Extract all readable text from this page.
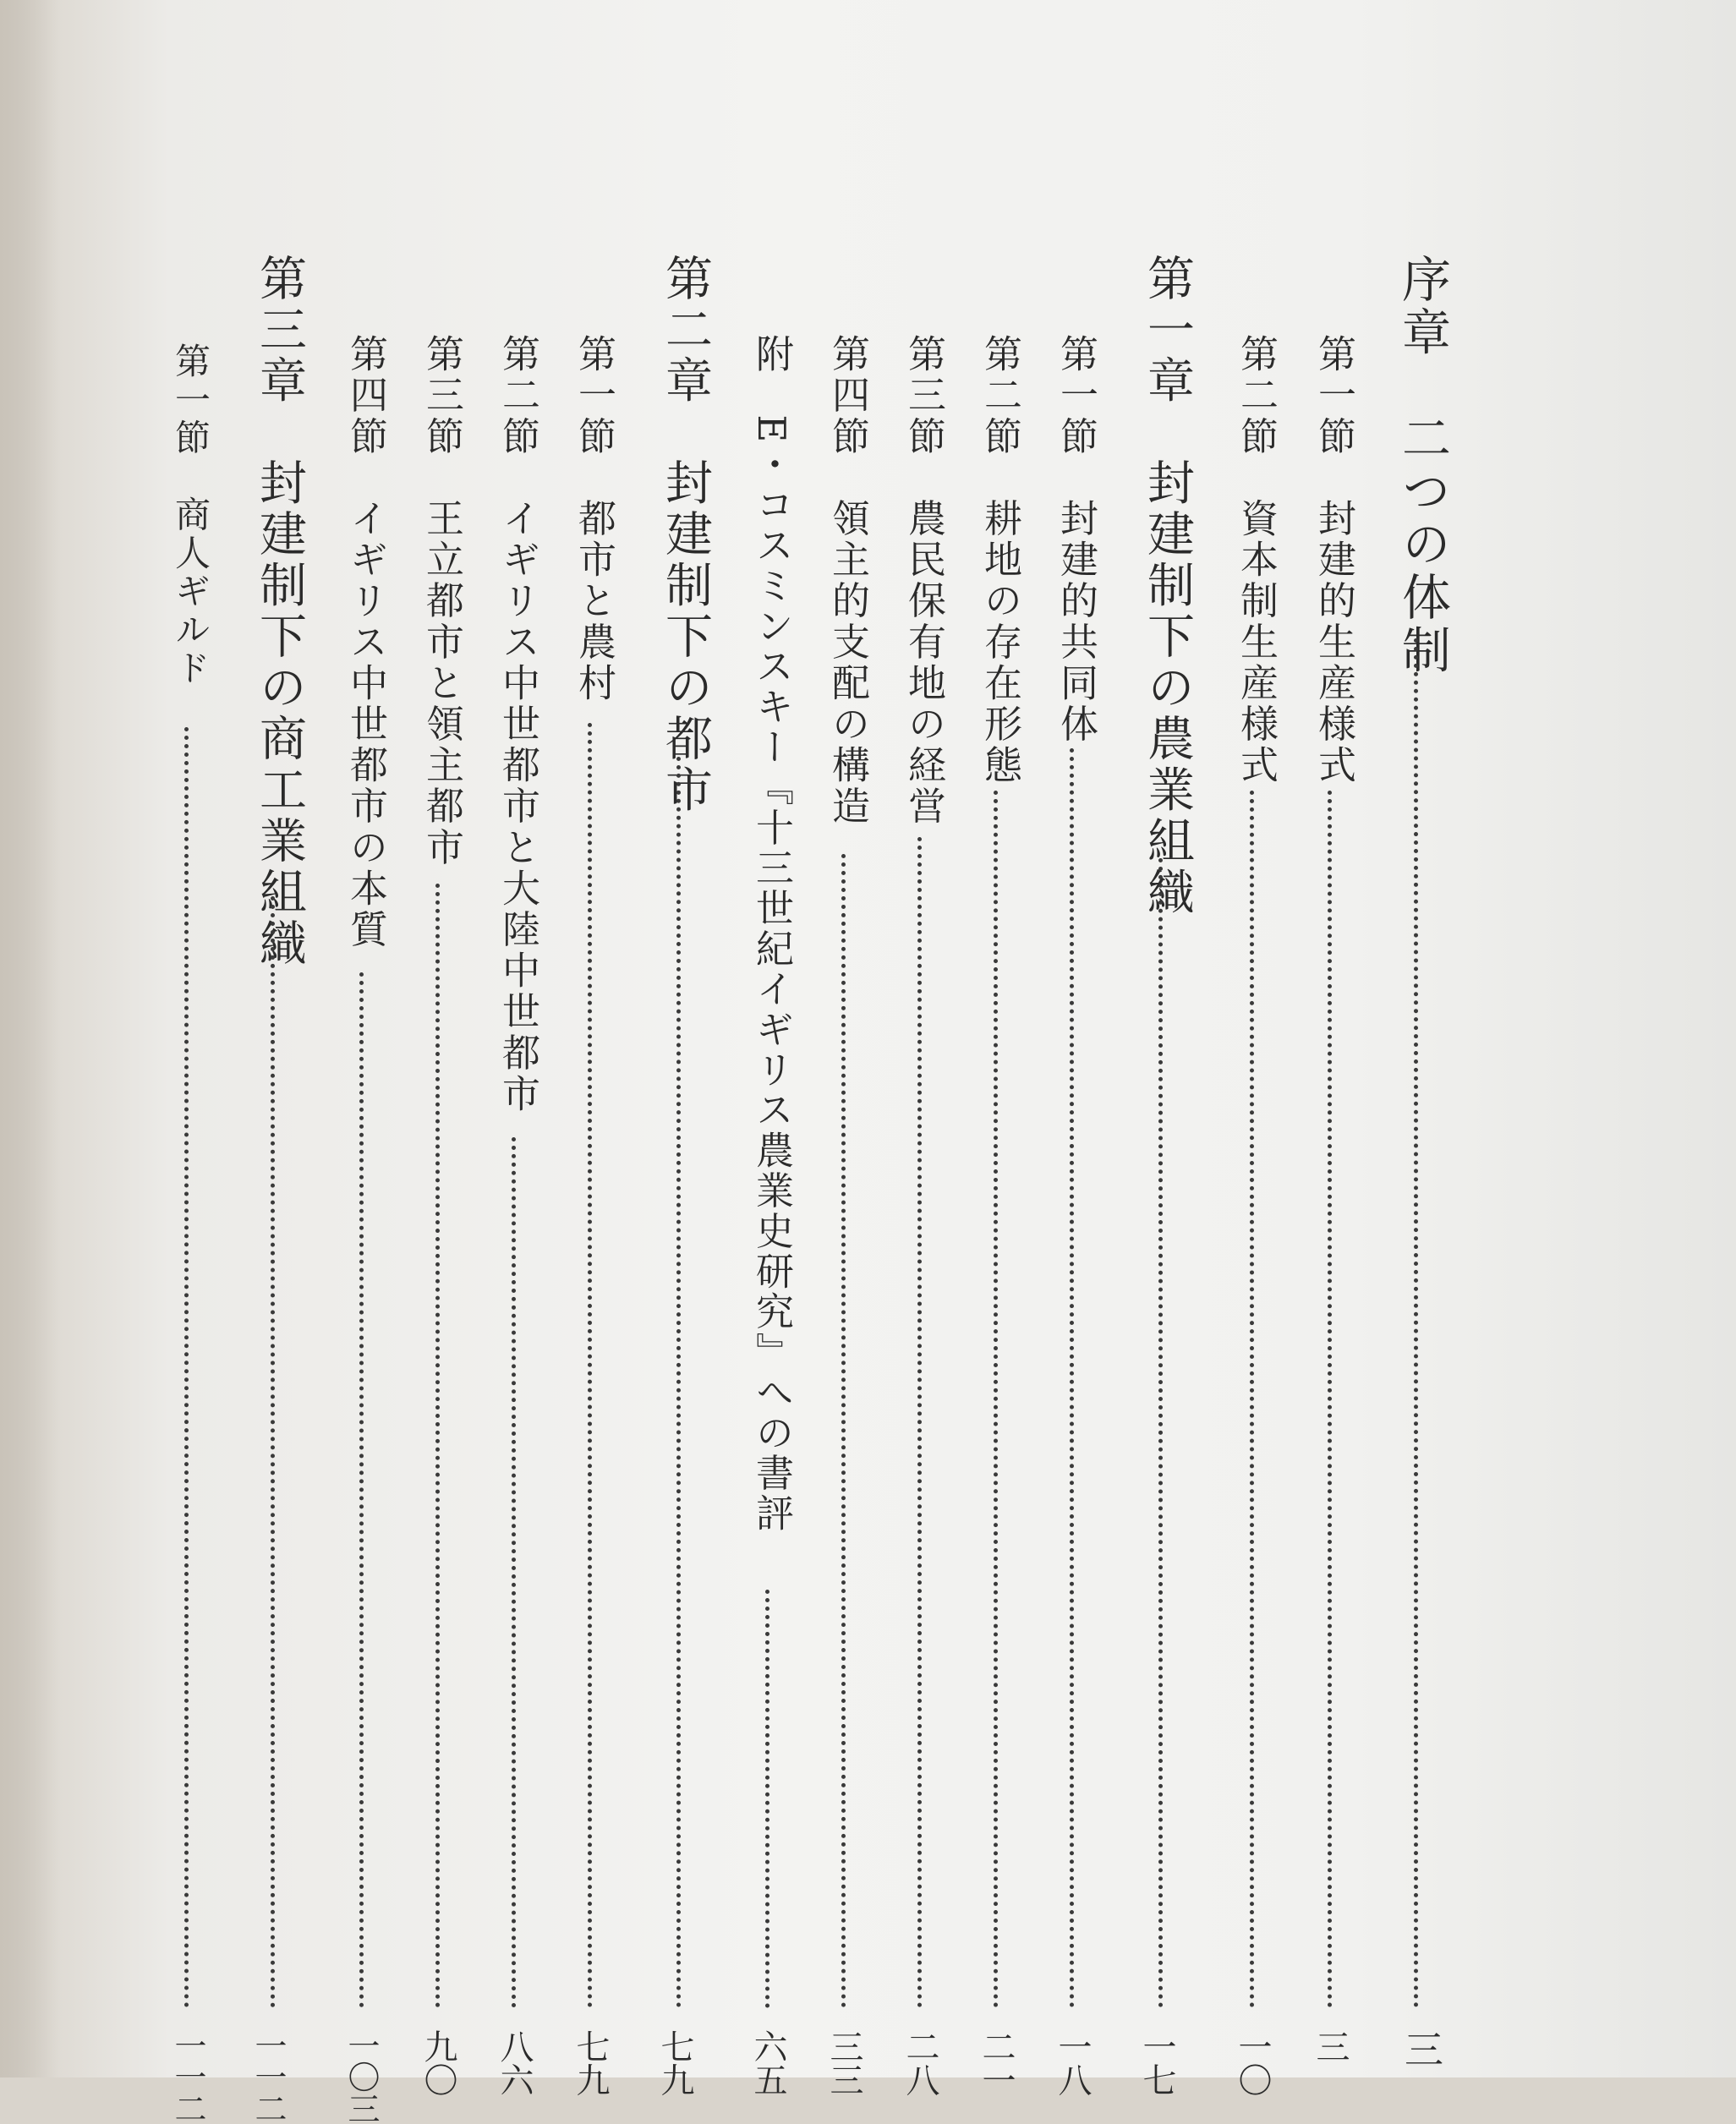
序章　二つの体制
三
第一節　封建的生産様式
三
第二節　資本制生産様式
一〇
第一章　封建制下の農業組織
一七
第一節　封建的共同体
一八
第二節　耕地の存在形態
二一
第三節　農民保有地の経営
二八
第四節　領主的支配の構造
三三
附　E・コスミンスキー『十三世紀イギリス農業史研究』への書評
六五
第二章　封建制下の都市
七九
第一節　都市と農村
七九
第二節　イギリス中世都市と大陸中世都市
八六
第三節　王立都市と領主都市
九〇
第四節　イギリス中世都市の本質
一〇三
第三章　封建制下の商工業組織
一一二
第一節　商人ギルド
一一二
